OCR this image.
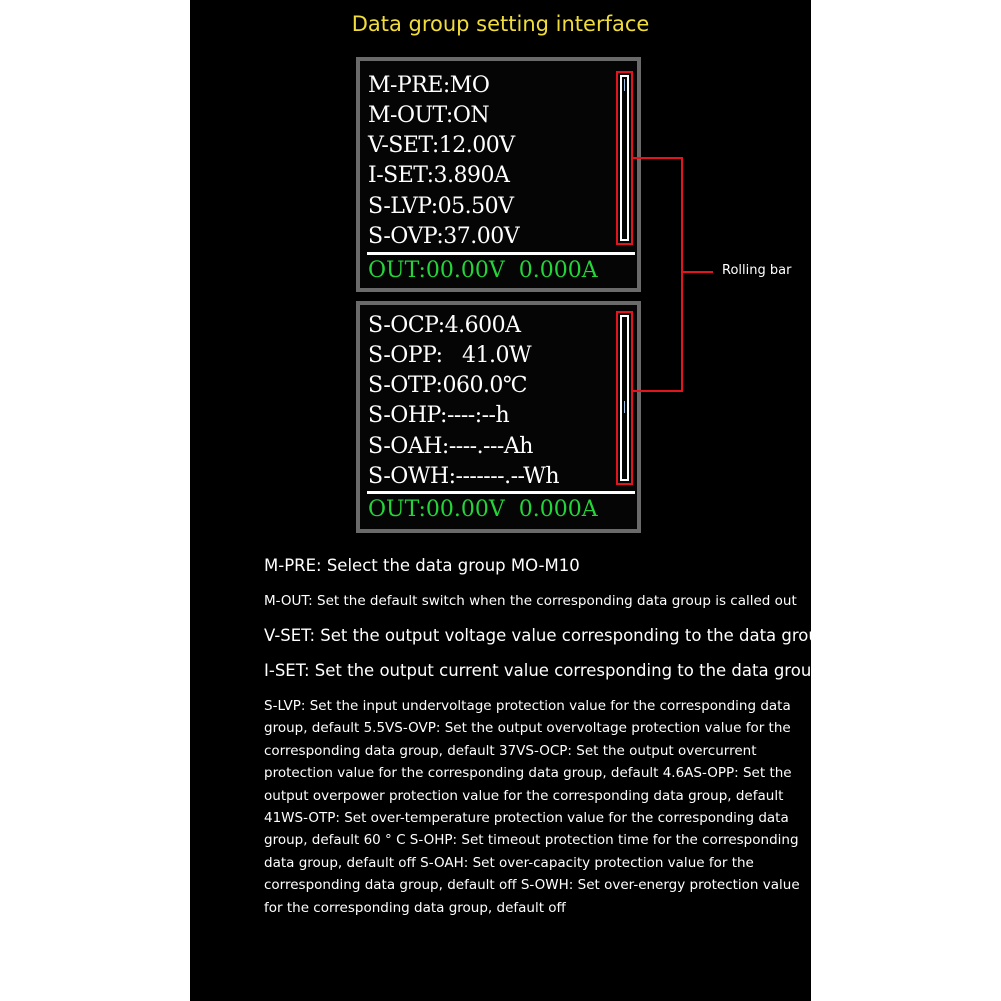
Data group setting interface
M-PRE:MO
M-OUT:ON
V-SET:12.00V
I-SET:3.890A
S-LVP:05.50V
S-OVP:37.00V
OUT:00.00V  0.000A
S-OCP:4.600A
S-OPP:   41.0W
S-OTP:060.0℃
S-OHP:----:--h
S-OAH:----.---Ah
S-OWH:-------.--Wh
OUT:00.00V  0.000A
Rolling bar
M-PRE: Select the data group MO-M10
M-OUT: Set the default switch when the corresponding data group is called out
V-SET: Set the output voltage value corresponding to the data group
I-SET: Set the output current value corresponding to the data group
S-LVP: Set the input undervoltage protection value for the corresponding data group, default 5.5VS-OVP: Set the output overvoltage protection value for the corresponding data group, default 37VS-OCP: Set the output overcurrent protection value for the corresponding data group, default 4.6AS-OPP: Set the output overpower protection value for the corresponding data group, default 41WS-OTP: Set over-temperature protection value for the corresponding data group, default 60 ° C S-OHP: Set timeout protection time for the corresponding data group, default off S-OAH: Set over-capacity protection value for the corresponding data group, default off S-OWH: Set over-energy protection value for the corresponding data group, default off
